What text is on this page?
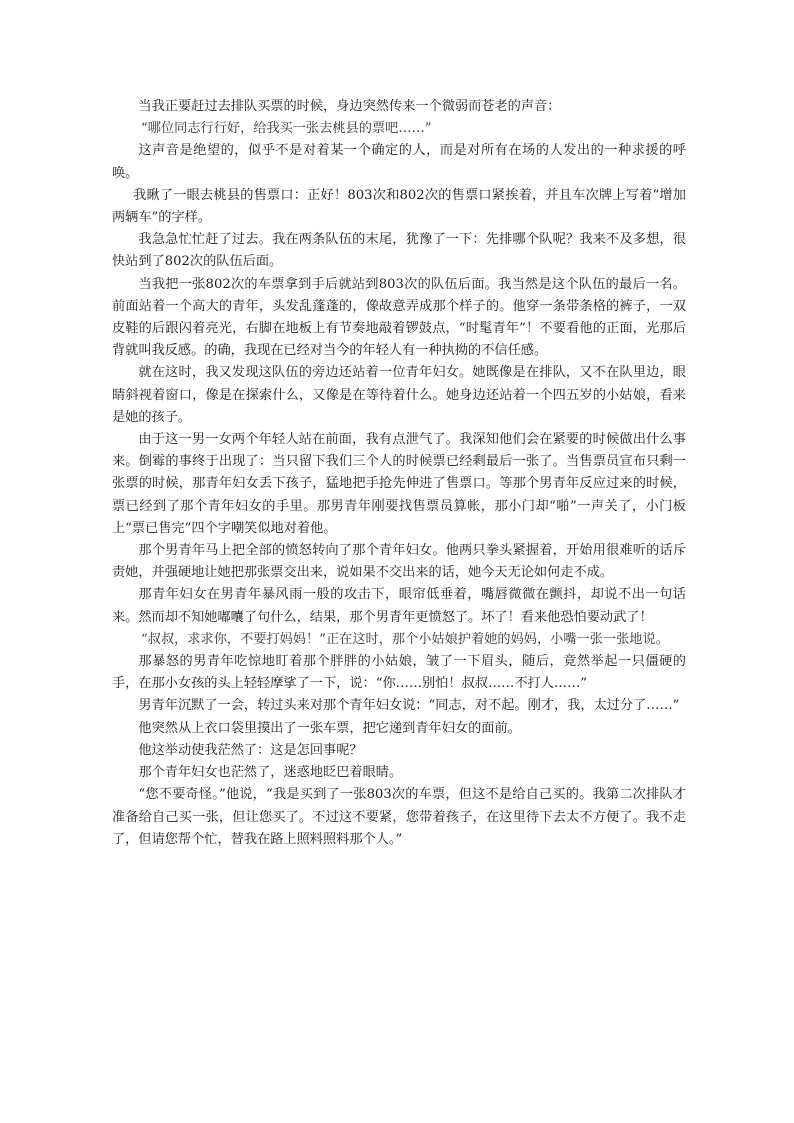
当我正要赶过去排队买票的时候，身边突然传来一个微弱而苍老的声音：

“哪位同志行行好，给我买一张去桃县的票吧……”

这声音是绝望的，似乎不是对着某一个确定的人，而是对所有在场的人发出的一种求援的呼唤。

我瞅了一眼去桃县的售票口：正好！803次和802次的售票口紧挨着，并且车次牌上写着“增加两辆车”的字样。

我急急忙忙赶了过去。我在两条队伍的末尾，犹豫了一下：先排哪个队呢？我来不及多想，很快站到了802次的队伍后面。

当我把一张802次的车票拿到手后就站到803次的队伍后面。我当然是这个队伍的最后一名。前面站着一个高大的青年，头发乱蓬蓬的，像故意弄成那个样子的。他穿一条带条格的裤子，一双皮鞋的后跟闪着亮光，右脚在地板上有节奏地敲着锣鼓点，“时髦青年”！不要看他的正面，光那后背就叫我反感。的确，我现在已经对当今的年轻人有一种执拗的不信任感。

就在这时，我又发现这队伍的旁边还站着一位青年妇女。她既像是在排队，又不在队里边，眼睛斜视着窗口，像是在探索什么，又像是在等待着什么。她身边还站着一个四五岁的小姑娘，看来是她的孩子。

由于这一男一女两个年轻人站在前面，我有点泄气了。我深知他们会在紧要的时候做出什么事来。倒霉的事终于出现了：当只留下我们三个人的时候票已经剩最后一张了。当售票员宣布只剩一张票的时候，那青年妇女丢下孩子，猛地把手抢先伸进了售票口。等那个男青年反应过来的时候，票已经到了那个青年妇女的手里。那男青年刚要找售票员算帐，那小门却“啪”一声关了，小门板上“票已售完”四个字嘲笑似地对着他。

那个男青年马上把全部的愤怒转向了那个青年妇女。他两只拳头紧握着，开始用很难听的话斥责她，并强硬地让她把那张票交出来，说如果不交出来的话，她今天无论如何走不成。

那青年妇女在男青年暴风雨一般的攻击下，眼帘低垂着，嘴唇微微在颤抖，却说不出一句话来。然而却不知她嘟囔了句什么，结果，那个男青年更愤怒了。坏了！看来他恐怕要动武了！

“叔叔，求求你，不要打妈妈！”正在这时，那个小姑娘护着她的妈妈，小嘴一张一张地说。

那暴怒的男青年吃惊地盯着那个胖胖的小姑娘，皱了一下眉头，随后，竟然举起一只僵硬的手，在那小女孩的头上轻轻摩挲了一下，说：“你……别怕！叔叔……不打人……”

男青年沉默了一会，转过头来对那个青年妇女说：“同志，对不起。刚才，我，太过分了……”

他突然从上衣口袋里摸出了一张车票，把它递到青年妇女的面前。

他这举动使我茫然了：这是怎回事呢？

那个青年妇女也茫然了，迷惑地眨巴着眼睛。

“您不要奇怪。”他说，“我是买到了一张803次的车票，但这不是给自己买的。我第二次排队才准备给自己买一张，但让您买了。不过这不要紧，您带着孩子，在这里待下去太不方便了。我不走了，但请您帮个忙，替我在路上照料照料那个人。”
